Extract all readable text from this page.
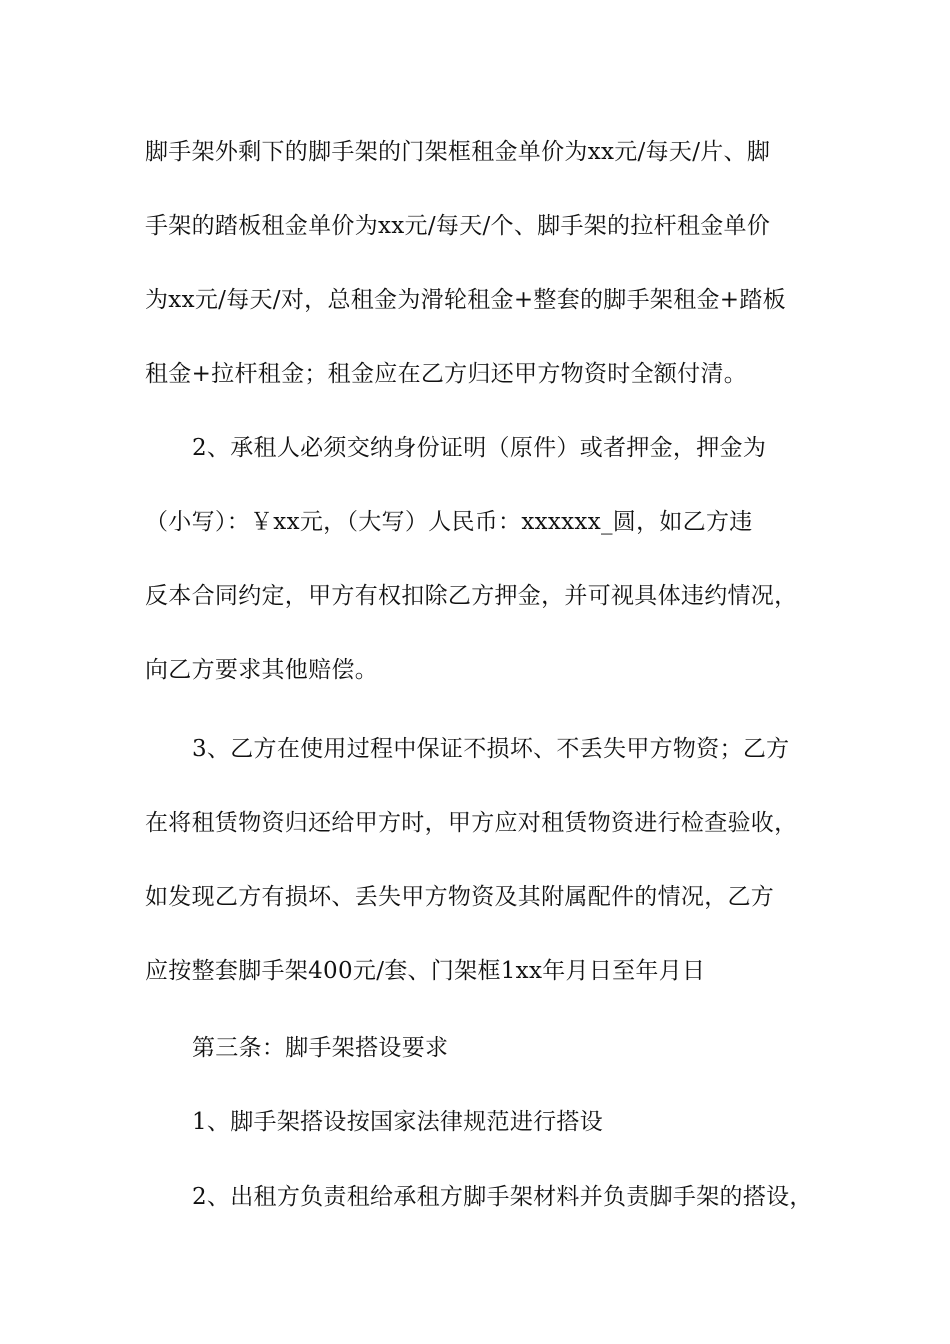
脚手架外剩下的脚手架的门架框租金单价为xx元/每天/片、脚
手架的踏板租金单价为xx元/每天/个、脚手架的拉杆租金单价
为xx元/每天/对，总租金为滑轮租金+整套的脚手架租金+踏板
租金+拉杆租金；租金应在乙方归还甲方物资时全额付清。
2、承租人必须交纳身份证明（原件）或者押金，押金为
（小写）：￥xx元，（大写）人民币：xxxxxx_圆，如乙方违
反本合同约定，甲方有权扣除乙方押金，并可视具体违约情况，
向乙方要求其他赔偿。
3、乙方在使用过程中保证不损坏、不丢失甲方物资；乙方
在将租赁物资归还给甲方时，甲方应对租赁物资进行检查验收，
如发现乙方有损坏、丢失甲方物资及其附属配件的情况，乙方
应按整套脚手架400元/套、门架框1xx年月日至年月日
第三条：脚手架搭设要求
1、脚手架搭设按国家法律规范进行搭设
2、出租方负责租给承租方脚手架材料并负责脚手架的搭设，
